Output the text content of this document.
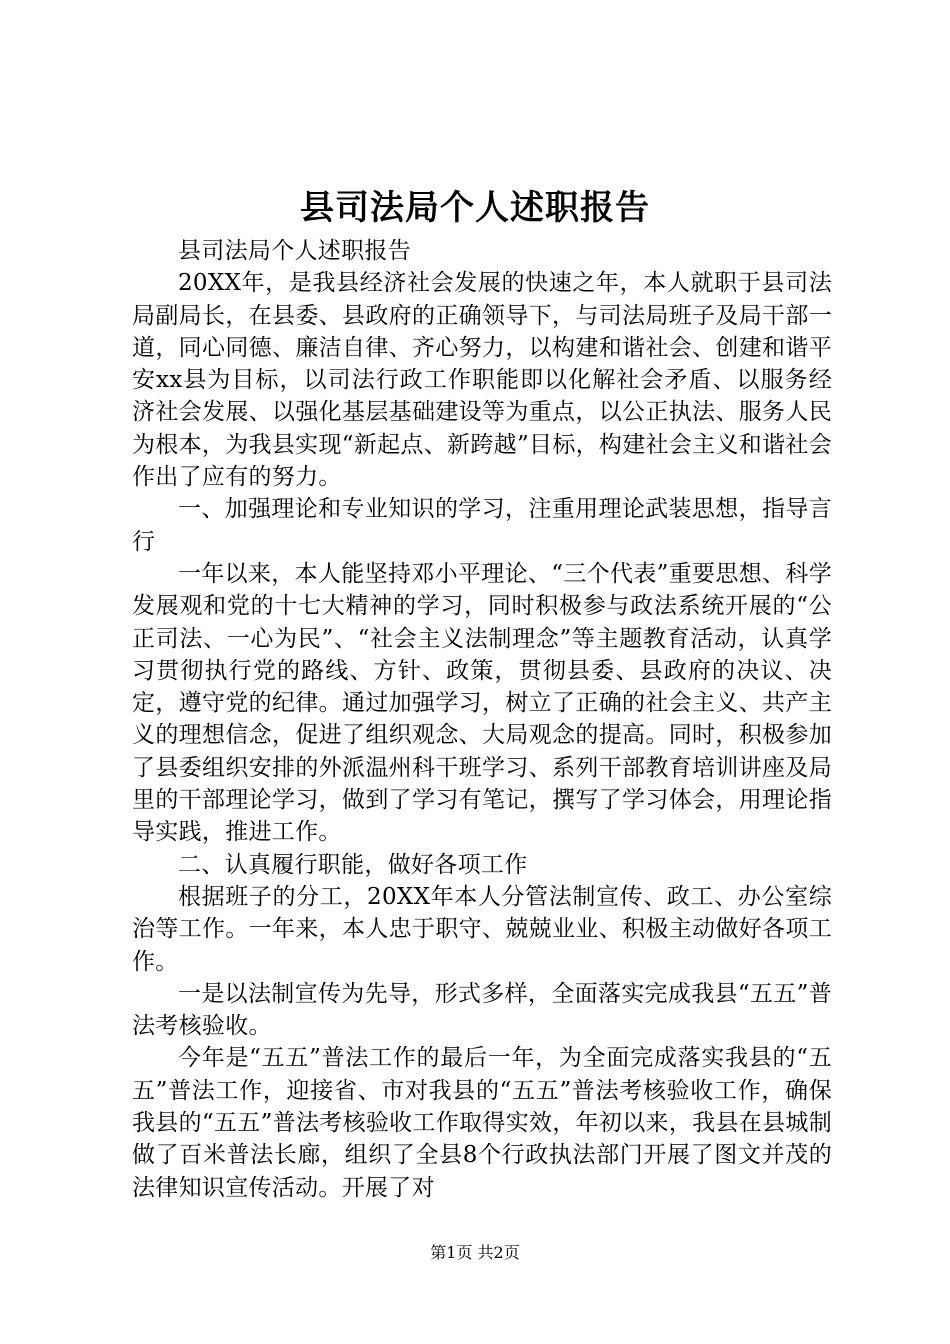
县司法局个人述职报告

县司法局个人述职报告

20XX年，是我县经济社会发展的快速之年，本人就职于县司法局副局长，在县委、县政府的正确领导下，与司法局班子及局干部一道，同心同德、廉洁自律、齐心努力，以构建和谐社会、创建和谐平安xx县为目标，以司法行政工作职能即以化解社会矛盾、以服务经济社会发展、以强化基层基础建设等为重点，以公正执法、服务人民为根本，为我县实现“新起点、新跨越”目标，构建社会主义和谐社会作出了应有的努力。

一、加强理论和专业知识的学习，注重用理论武装思想，指导言行

一年以来，本人能坚持邓小平理论、“三个代表”重要思想、科学发展观和党的十七大精神的学习，同时积极参与政法系统开展的“公正司法、一心为民”、“社会主义法制理念”等主题教育活动，认真学习贯彻执行党的路线、方针、政策，贯彻县委、县政府的决议、决定，遵守党的纪律。通过加强学习，树立了正确的社会主义、共产主义的理想信念，促进了组织观念、大局观念的提高。同时，积极参加了县委组织安排的外派温州科干班学习、系列干部教育培训讲座及局里的干部理论学习，做到了学习有笔记，撰写了学习体会，用理论指导实践，推进工作。

二、认真履行职能，做好各项工作

根据班子的分工，20XX年本人分管法制宣传、政工、办公室综治等工作。一年来，本人忠于职守、兢兢业业、积极主动做好各项工作。

一是以法制宣传为先导，形式多样，全面落实完成我县“五五”普法考核验收。

今年是“五五”普法工作的最后一年，为全面完成落实我县的“五五”普法工作，迎接省、市对我县的“五五”普法考核验收工作，确保我县的“五五”普法考核验收工作取得实效，年初以来，我县在县城制做了百米普法长廊，组织了全县8个行政执法部门开展了图文并茂的法律知识宣传活动。开展了对

第1页 共2页
